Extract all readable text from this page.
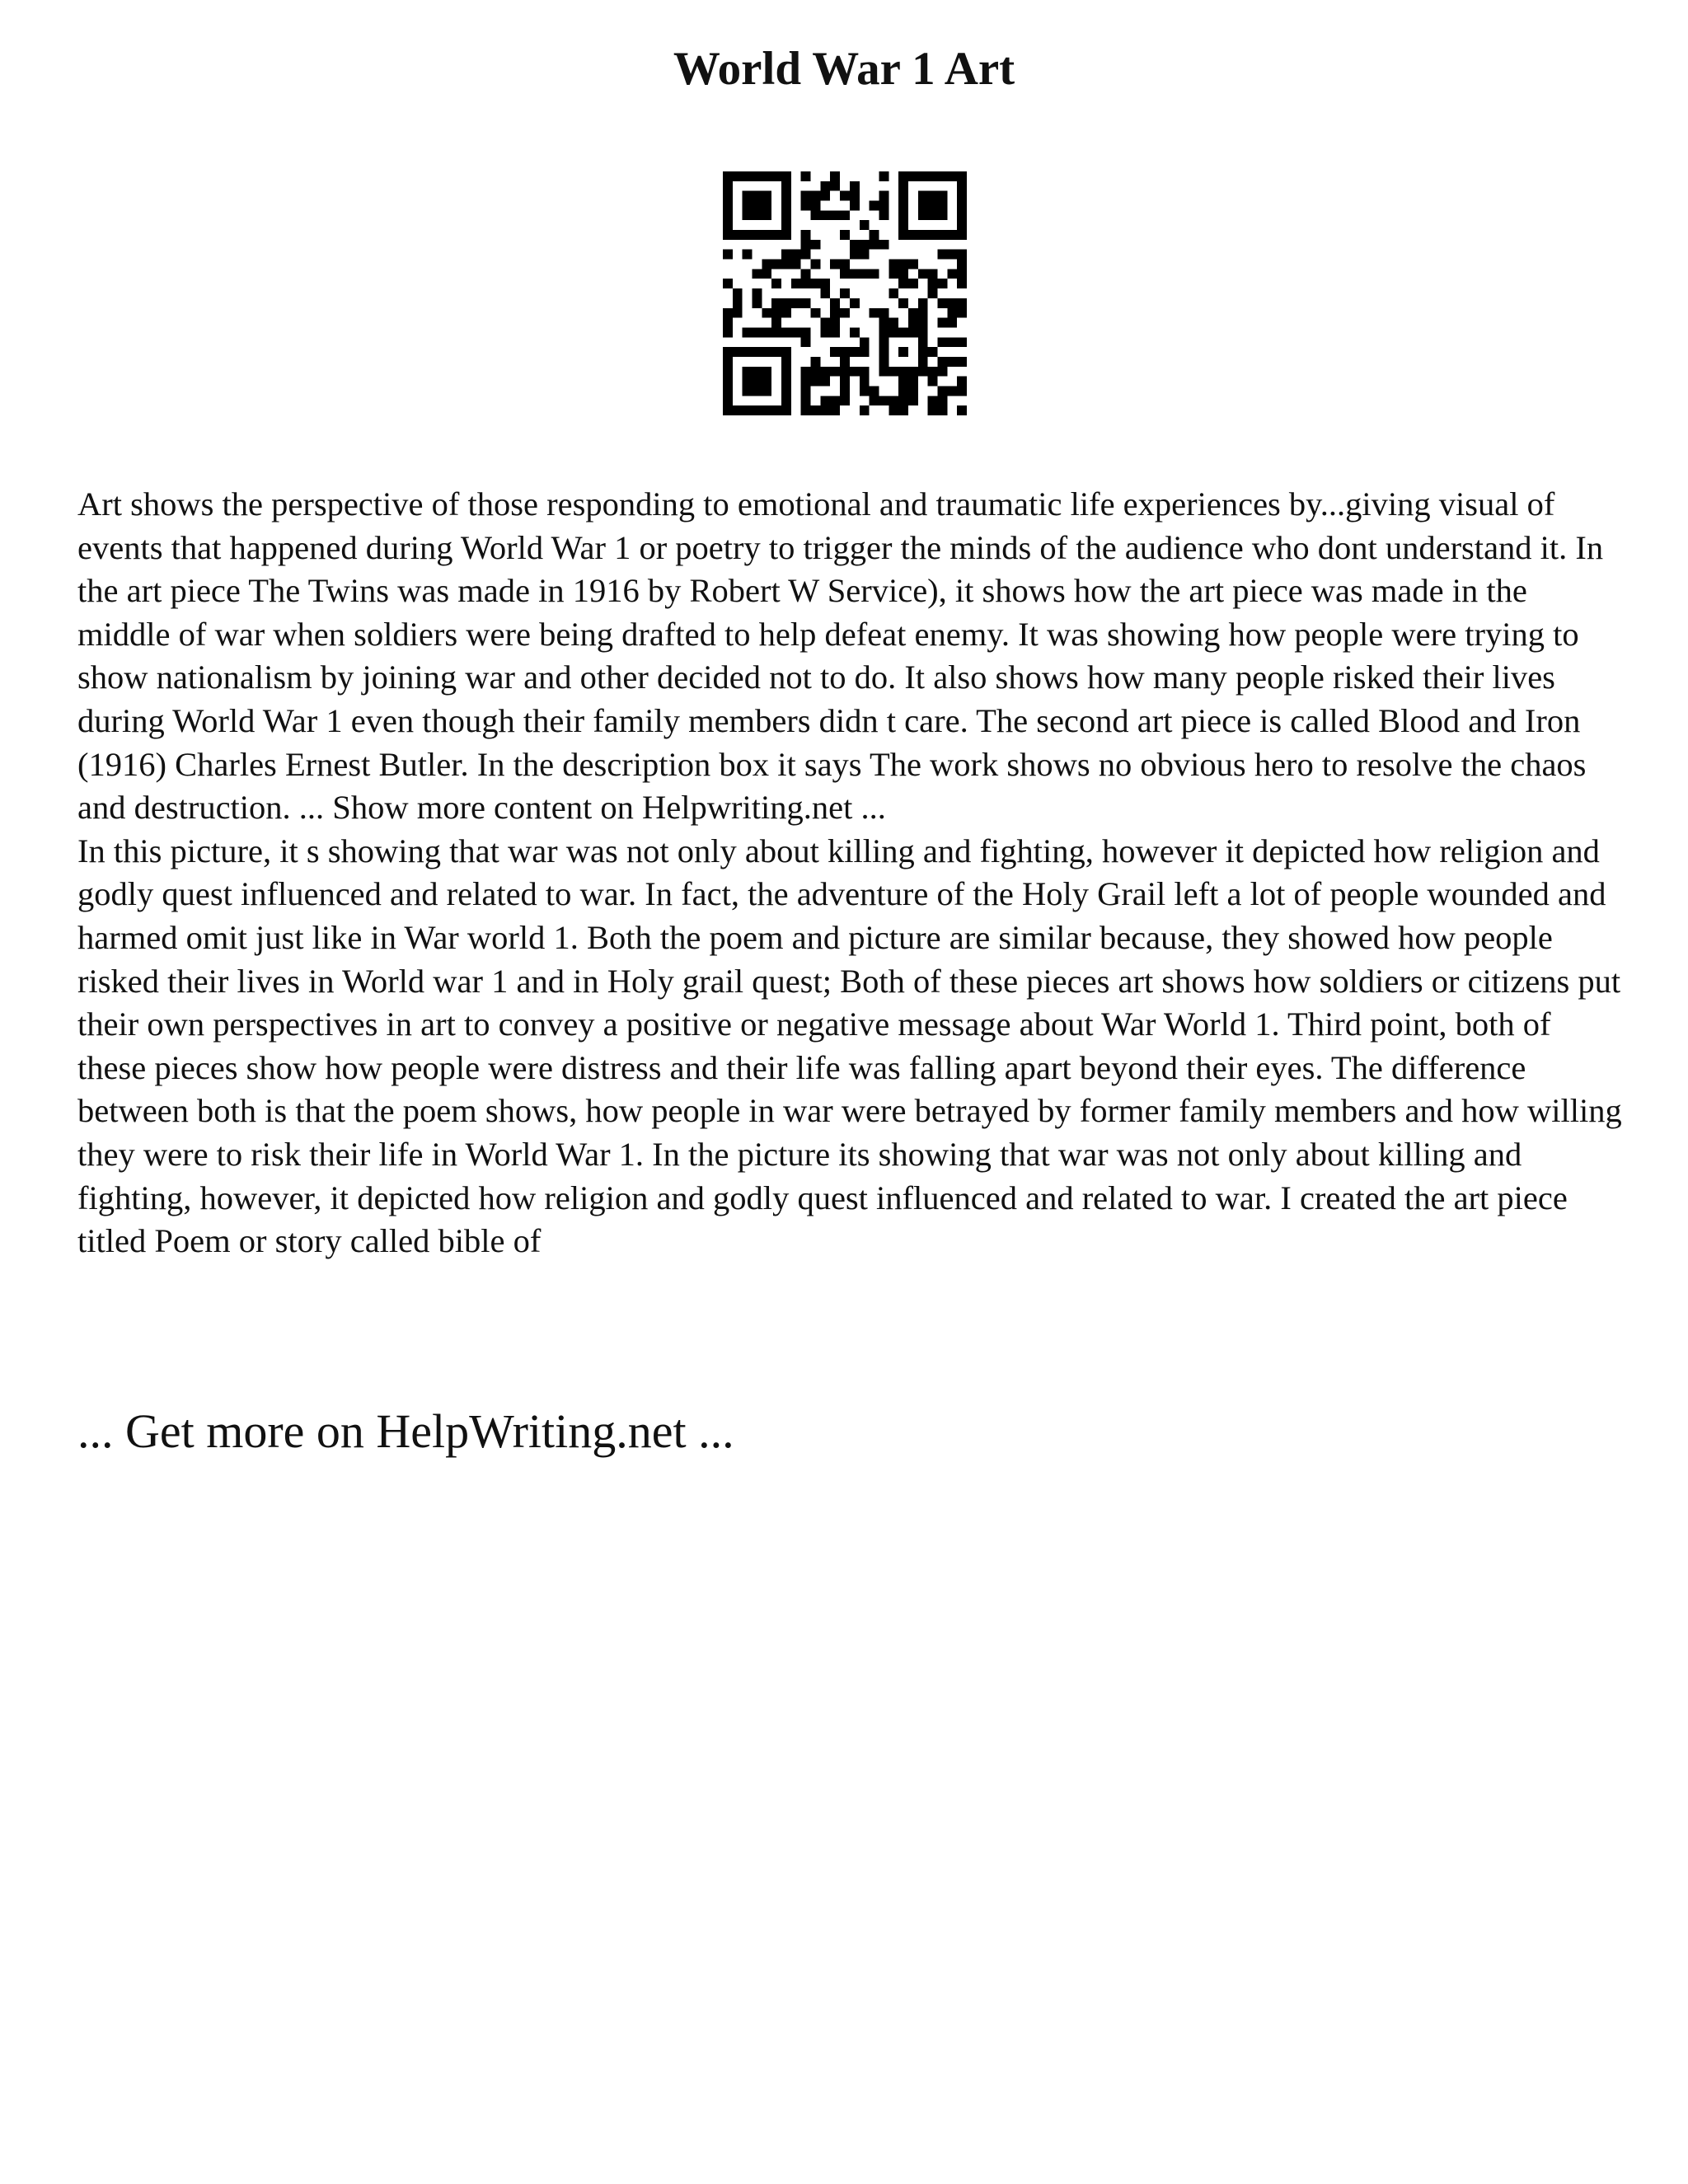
World War 1 Art

Art shows the perspective of those responding to emotional and traumatic life experiences by...giving visual of events that happened during World War 1 or poetry to trigger the minds of the audience who dont understand it. In the art piece The Twins was made in 1916 by Robert W Service), it shows how the art piece was made in the middle of war when soldiers were being drafted to help defeat enemy. It was showing how people were trying to show nationalism by joining war and other decided not to do. It also shows how many people risked their lives during World War 1 even though their family members didn t care. The second art piece is called Blood and Iron (1916) Charles Ernest Butler. In the description box it says The work shows no obvious hero to resolve the chaos and destruction. ... Show more content on Helpwriting.net ...

In this picture, it s showing that war was not only about killing and fighting, however it depicted how religion and godly quest influenced and related to war. In fact, the adventure of the Holy Grail left a lot of people wounded and harmed omit just like in War world 1. Both the poem and picture are similar because, they showed how people risked their lives in World war 1 and in Holy grail quest; Both of these pieces art shows how soldiers or citizens put their own perspectives in art to convey a positive or negative message about War World 1. Third point, both of these pieces show how people were distress and their life was falling apart beyond their eyes. The difference between both is that the poem shows, how people in war were betrayed by former family members and how willing they were to risk their life in World War 1. In the picture its showing that war was not only about killing and fighting, however, it depicted how religion and godly quest influenced and related to war. I created the art piece titled Poem or story called bible of

... Get more on HelpWriting.net ...
